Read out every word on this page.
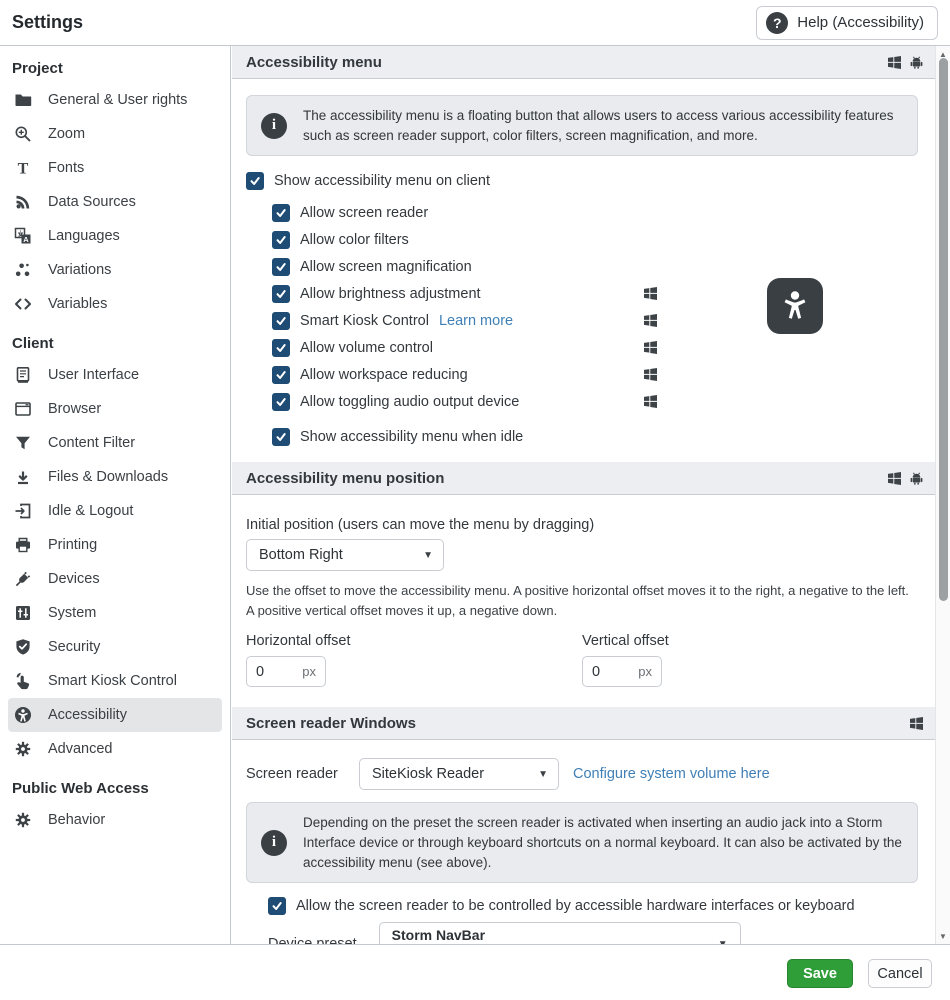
Settings	?	Help (Accessibility)
Project
General & User rights
Zoom
T Fonts
Data Sources
A Languages
Variations
Variables
Client
User Interface
Browser
Content Filter
Files & Downloads
Idle & Logout
Printing
Devices
System
Security
Smart Kiosk Control
Accessibility
Advanced
Public Web Access
Behavior
Accessibility menu
i
The accessibility menu is a floating button that allows users to access various accessibility features such as screen reader support, color filters, screen magnification, and more.
Show accessibility menu on client
Allow screen reader
Allow color filters
Allow screen magnification
Allow brightness adjustment
Smart Kiosk Control Learn more
Allow volume control
Allow workspace reducing
Allow toggling audio output device
Show accessibility menu when idle
Accessibility menu position
Initial position (users can move the menu by dragging)
Bottom Right	▼
Use the offset to move the accessibility menu. A positive horizontal offset moves it to the right, a negative to the left. A positive vertical offset moves it up, a negative down.
Horizontal offset
0
px
Vertical offset
0
px
Screen reader Windows
Screen reader	SiteKiosk Reader	▼ Configure system volume here
i
Depending on the preset the screen reader is activated when inserting an audio jack into a Storm Interface device or through keyboard shortcuts on a normal keyboard. It can also be activated by the accessibility menu (see above).
Allow the screen reader to be controlled by accessible hardware interfaces or keyboard
Storm NavBar
▲
▼
Save	Cancel
